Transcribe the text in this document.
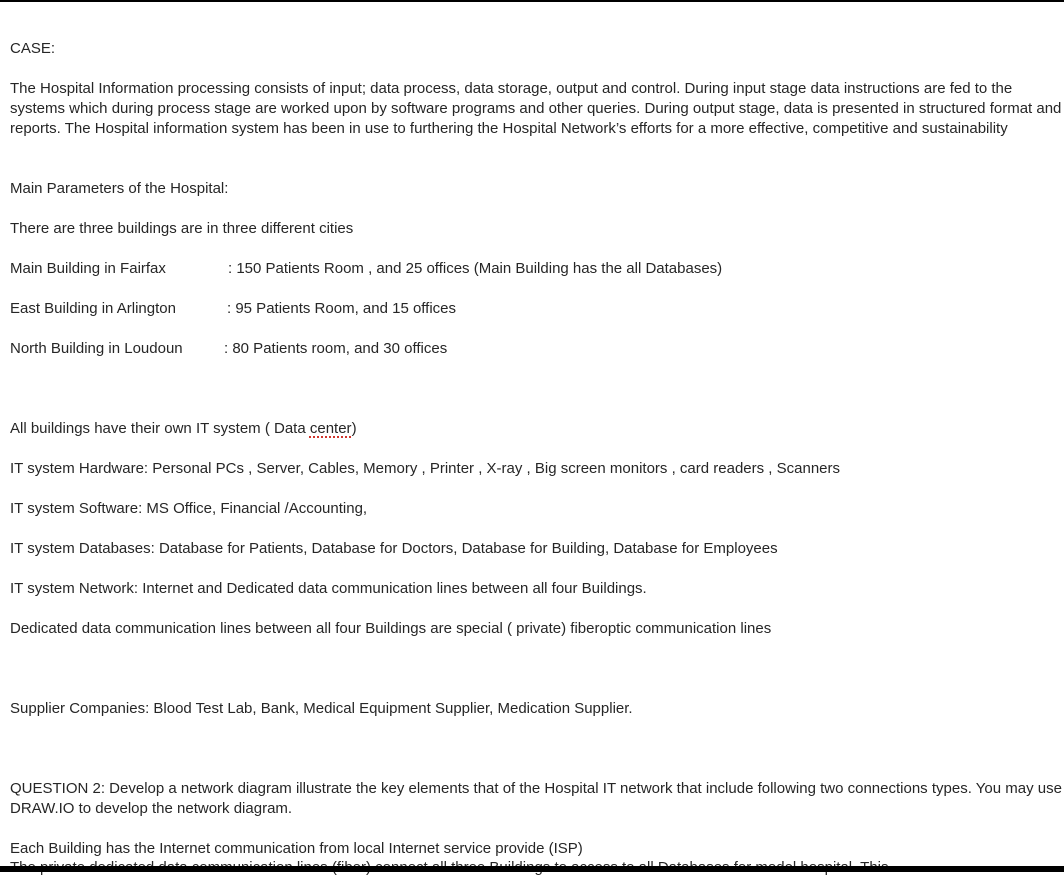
CASE:
The Hospital Information processing consists of input; data process, data storage, output and control. During input stage data instructions are fed to the systems which during process stage are worked upon by software programs and other queries. During output stage, data is presented in structured format and reports. The Hospital information system has been in use to furthering the Hospital Network’s efforts for a more effective, competitive and sustainability
Main Parameters of the Hospital:
There are three buildings are in three different cities
Main Building in Fairfax	: 150 Patients Room , and 25 offices (Main Building has the all Databases)
East Building in Arlington	: 95 Patients Room, and 15 offices
North Building in Loudoun	: 80 Patients room, and 30 offices
All buildings have their own IT system ( Data center)
IT system Hardware: Personal PCs , Server, Cables, Memory , Printer , X-ray , Big screen monitors , card readers , Scanners
IT system Software: MS Office, Financial /Accounting,
IT system Databases: Database for Patients, Database for Doctors, Database for Building, Database for Employees
IT system Network: Internet and Dedicated data communication lines between all four Buildings.
Dedicated data communication lines between all four Buildings are special ( private) fiberoptic communication lines
Supplier Companies: Blood Test Lab, Bank, Medical Equipment Supplier, Medication Supplier.
QUESTION 2: Develop a network diagram illustrate the key elements that of the Hospital IT network that include following two connections types. You may use DRAW.IO to develop the network diagram.
Each Building has the Internet communication from local Internet service provide (ISP)
